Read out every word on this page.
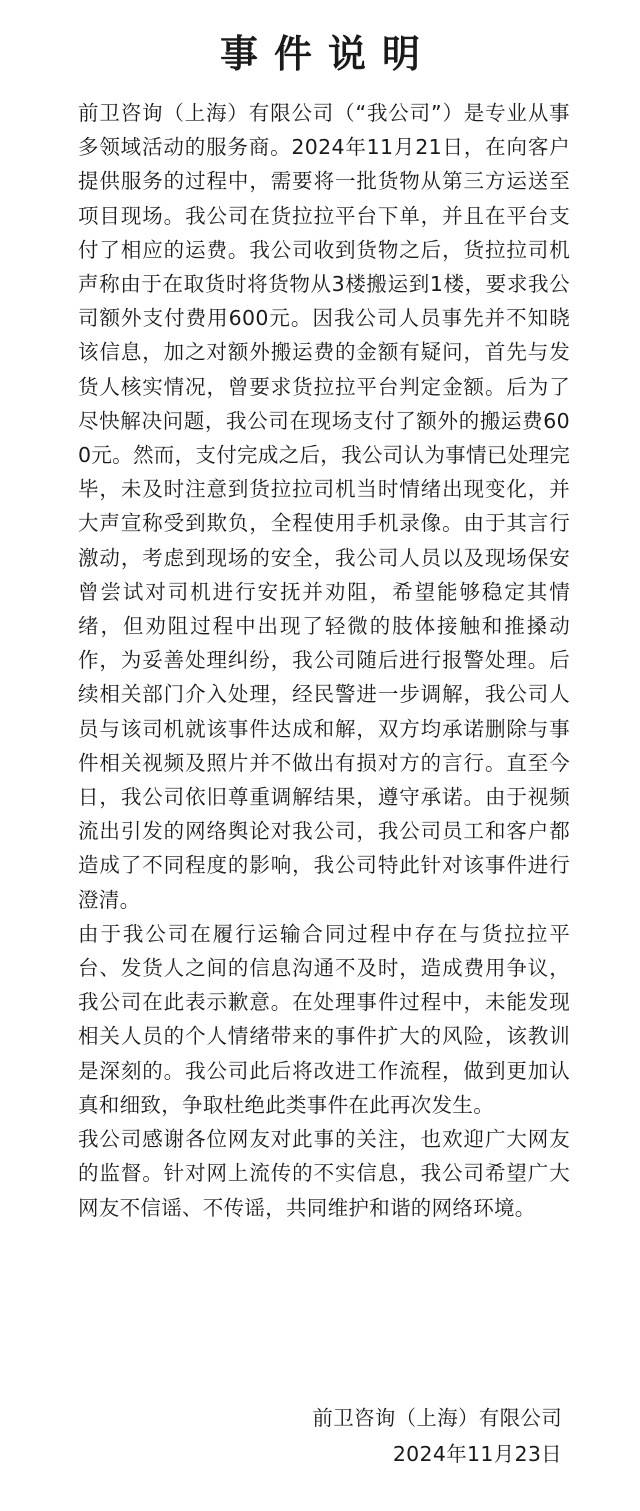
事件说明

前卫咨询（上海）有限公司（“我公司”）是专业从事多领域活动的服务商。2024年11月21日，在向客户提供服务的过程中，需要将一批货物从第三方运送至项目现场。我公司在货拉拉平台下单，并且在平台支付了相应的运费。我公司收到货物之后，货拉拉司机声称由于在取货时将货物从3楼搬运到1楼，要求我公司额外支付费用600元。因我公司人员事先并不知晓该信息，加之对额外搬运费的金额有疑问，首先与发货人核实情况，曾要求货拉拉平台判定金额。后为了尽快解决问题，我公司在现场支付了额外的搬运费600元。然而，支付完成之后，我公司认为事情已处理完毕，未及时注意到货拉拉司机当时情绪出现变化，并大声宣称受到欺负，全程使用手机录像。由于其言行激动，考虑到现场的安全，我公司人员以及现场保安曾尝试对司机进行安抚并劝阻，希望能够稳定其情绪，但劝阻过程中出现了轻微的肢体接触和推搡动作，为妥善处理纠纷，我公司随后进行报警处理。后续相关部门介入处理，经民警进一步调解，我公司人员与该司机就该事件达成和解，双方均承诺删除与事件相关视频及照片并不做出有损对方的言行。直至今日，我公司依旧尊重调解结果，遵守承诺。由于视频流出引发的网络舆论对我公司，我公司员工和客户都造成了不同程度的影响，我公司特此针对该事件进行澄清。

由于我公司在履行运输合同过程中存在与货拉拉平台、发货人之间的信息沟通不及时，造成费用争议，我公司在此表示歉意。在处理事件过程中，未能发现相关人员的个人情绪带来的事件扩大的风险，该教训是深刻的。我公司此后将改进工作流程，做到更加认真和细致，争取杜绝此类事件在此再次发生。

我公司感谢各位网友对此事的关注，也欢迎广大网友的监督。针对网上流传的不实信息，我公司希望广大网友不信谣、不传谣，共同维护和谐的网络环境。

前卫咨询（上海）有限公司

2024年11月23日
